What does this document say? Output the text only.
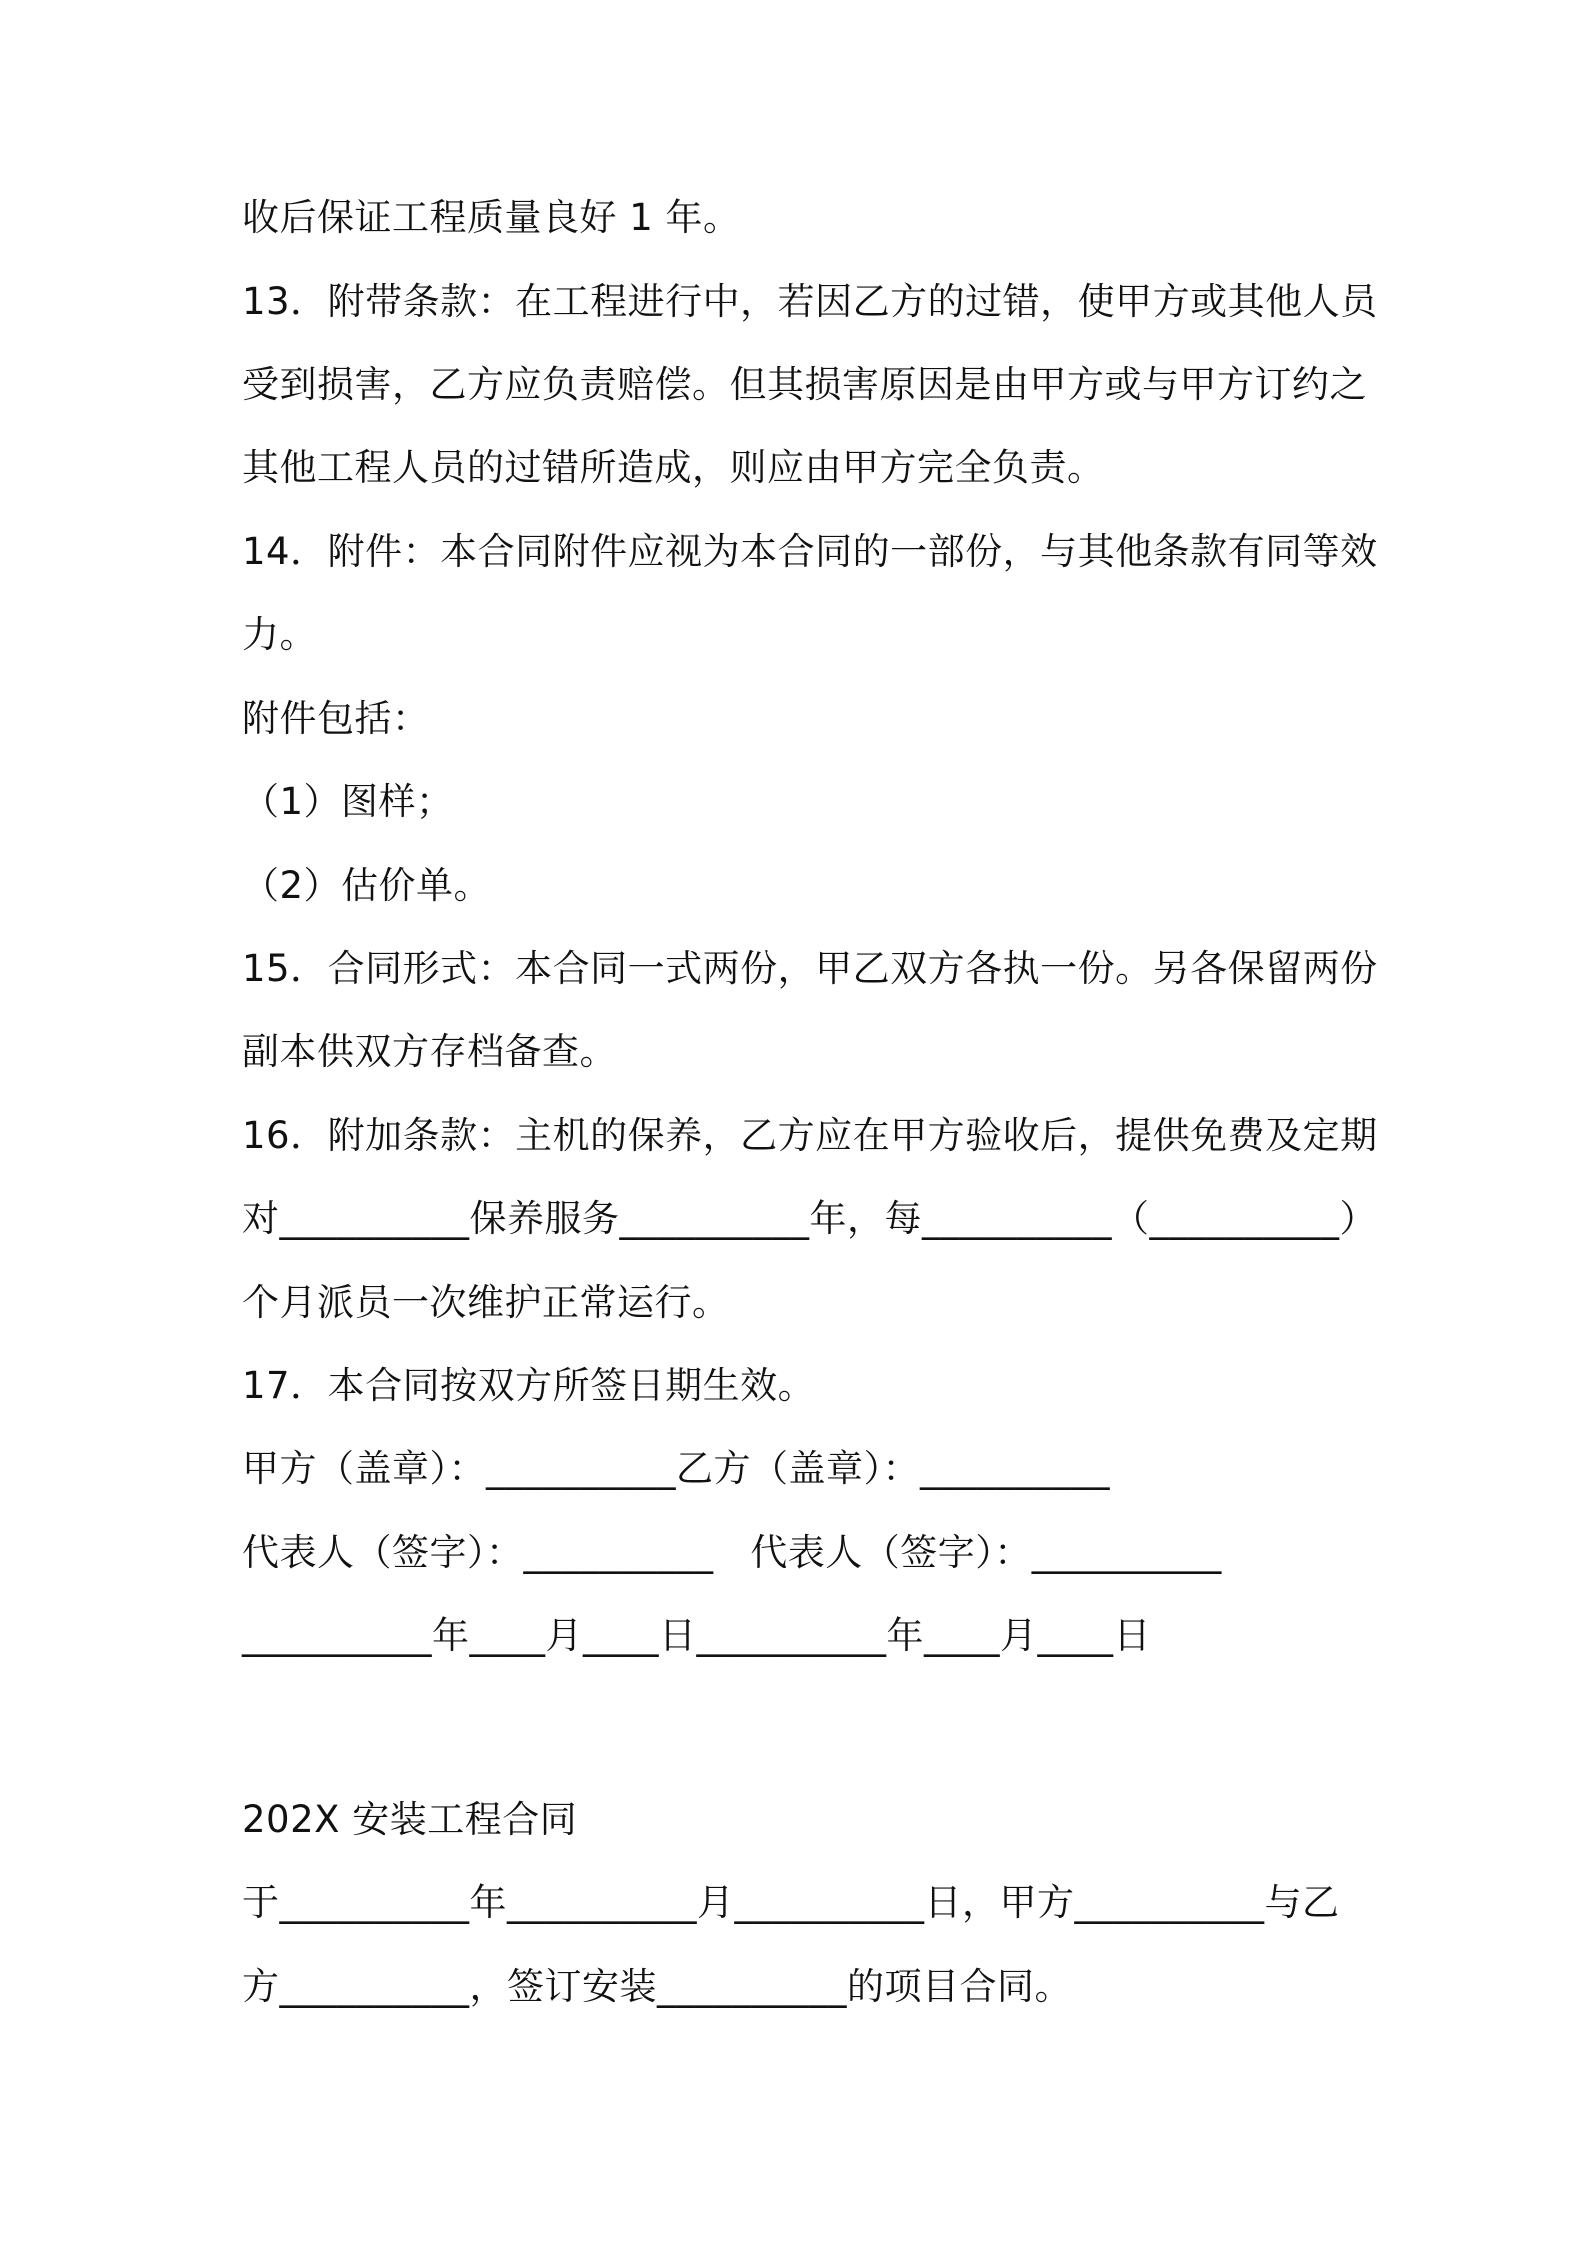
收后保证工程质量良好 1 年。
13．附带条款：在工程进行中，若因乙方的过错，使甲方或其他人员
受到损害，乙方应负责赔偿。但其损害原因是由甲方或与甲方订约之
其他工程人员的过错所造成，则应由甲方完全负责。
14．附件：本合同附件应视为本合同的一部份，与其他条款有同等效
力。
附件包括：
（1）图样；
（2）估价单。
15．合同形式：本合同一式两份，甲乙双方各执一份。另各保留两份
副本供双方存档备查。
16．附加条款：主机的保养，乙方应在甲方验收后，提供免费及定期
对__________保养服务__________年，每__________（__________）
个月派员一次维护正常运行。
17．本合同按双方所签日期生效。
甲方（盖章）：__________乙方（盖章）：__________
代表人（签字）：__________   代表人（签字）：__________
__________年____月____日__________年____月____日
202X 安装工程合同
于__________年__________月__________日，甲方__________与乙
方__________，签订安装__________的项目合同。
